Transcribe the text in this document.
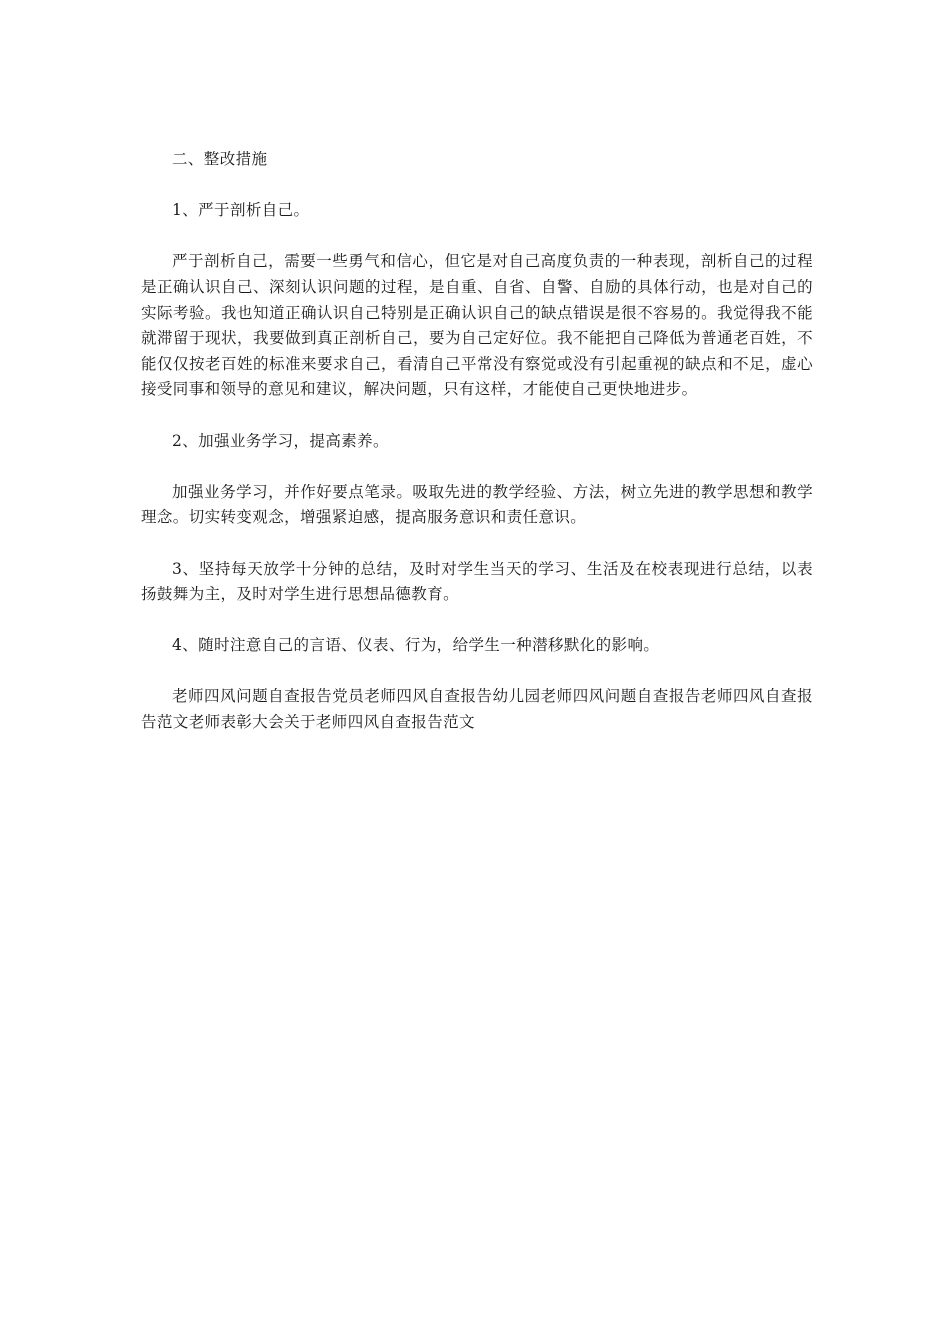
二、整改措施

1、严于剖析自己。

严于剖析自己，需要一些勇气和信心，但它是对自己高度负责的一种表现，剖析自己的过程是正确认识自己、深刻认识问题的过程，是自重、自省、自警、自励的具体行动，也是对自己的实际考验。我也知道正确认识自己特别是正确认识自己的缺点错误是很不容易的。我觉得我不能就滞留于现状，我要做到真正剖析自己，要为自己定好位。我不能把自己降低为普通老百姓，不能仅仅按老百姓的标准来要求自己，看清自己平常没有察觉或没有引起重视的缺点和不足，虚心接受同事和领导的意见和建议，解决问题，只有这样，才能使自己更快地进步。

2、加强业务学习，提高素养。

加强业务学习，并作好要点笔录。吸取先进的教学经验、方法，树立先进的教学思想和教学理念。切实转变观念，增强紧迫感，提高服务意识和责任意识。

3、坚持每天放学十分钟的总结，及时对学生当天的学习、生活及在校表现进行总结，以表扬鼓舞为主，及时对学生进行思想品德教育。

4、随时注意自己的言语、仪表、行为，给学生一种潜移默化的影响。

老师四风问题自查报告党员老师四风自查报告幼儿园老师四风问题自查报告老师四风自查报告范文老师表彰大会关于老师四风自查报告范文
